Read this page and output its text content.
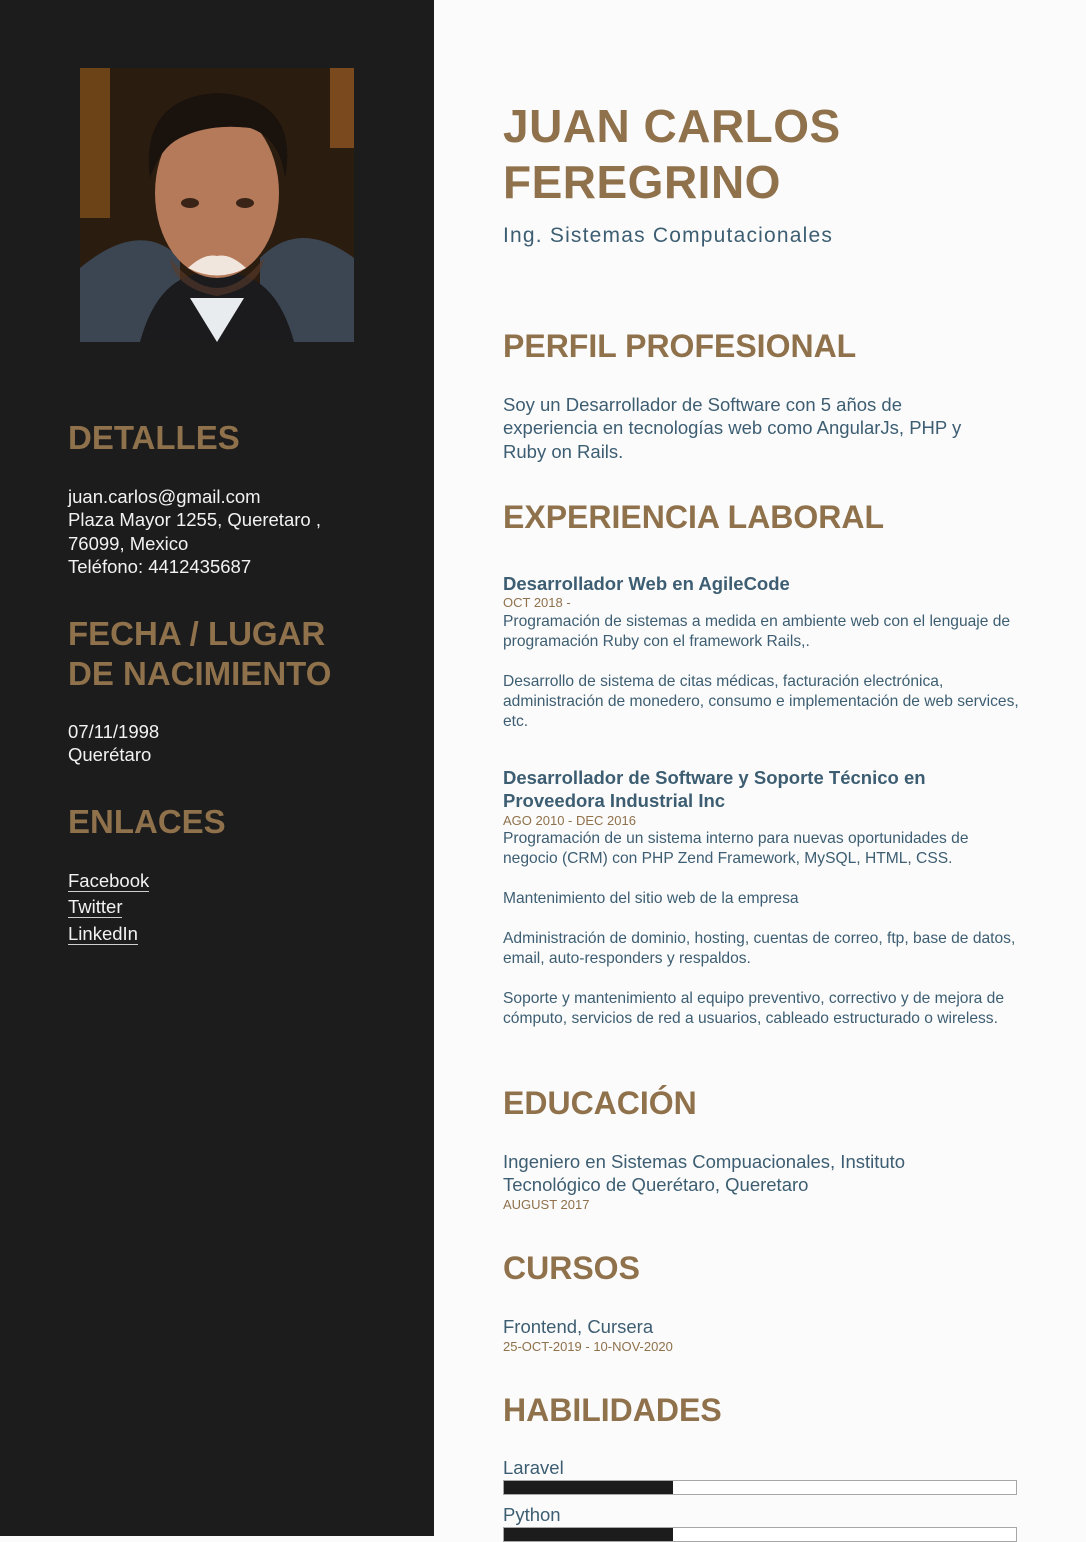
DETALLES
juan.carlos@gmail.com
Plaza Mayor 1255, Queretaro ,
76099, Mexico
Teléfono: 4412435687
FECHA / LUGAR
DE NACIMIENTO
07/11/1998
Querétaro
ENLACES
Facebook
Twitter
LinkedIn
JUAN CARLOS
FEREGRINO
Ing. Sistemas Computacionales
PERFIL PROFESIONAL
Soy un Desarrollador de Software con 5 años de
experiencia en tecnologías web como AngularJs, PHP y
Ruby on Rails.
EXPERIENCIA LABORAL
Desarrollador Web en AgileCode
OCT 2018 -

Programación de sistemas a medida en ambiente web con el lenguaje de programación Ruby con el framework Rails,.

Desarrollo de sistema de citas médicas, facturación electrónica, administración de monedero, consumo e implementación de web services, etc.

Desarrollador de Software y Soporte Técnico en
Proveedora Industrial Inc
AGO 2010 - DEC 2016

Programación de un sistema interno para nuevas oportunidades de negocio (CRM) con PHP Zend Framework, MySQL, HTML, CSS.

Mantenimiento del sitio web de la empresa

Administración de dominio, hosting, cuentas de correo, ftp, base de datos, email, auto-responders y respaldos.

Soporte y mantenimiento al equipo preventivo, correctivo y de mejora de cómputo, servicios de red a usuarios, cableado estructurado o wireless.

EDUCACIÓN
Ingeniero en Sistemas Compuacionales, Instituto
Tecnológico de Querétaro, Queretaro
AUGUST 2017
CURSOS
Frontend, Cursera
25-OCT-2019 - 10-NOV-2020
HABILIDADES
Laravel
Python
